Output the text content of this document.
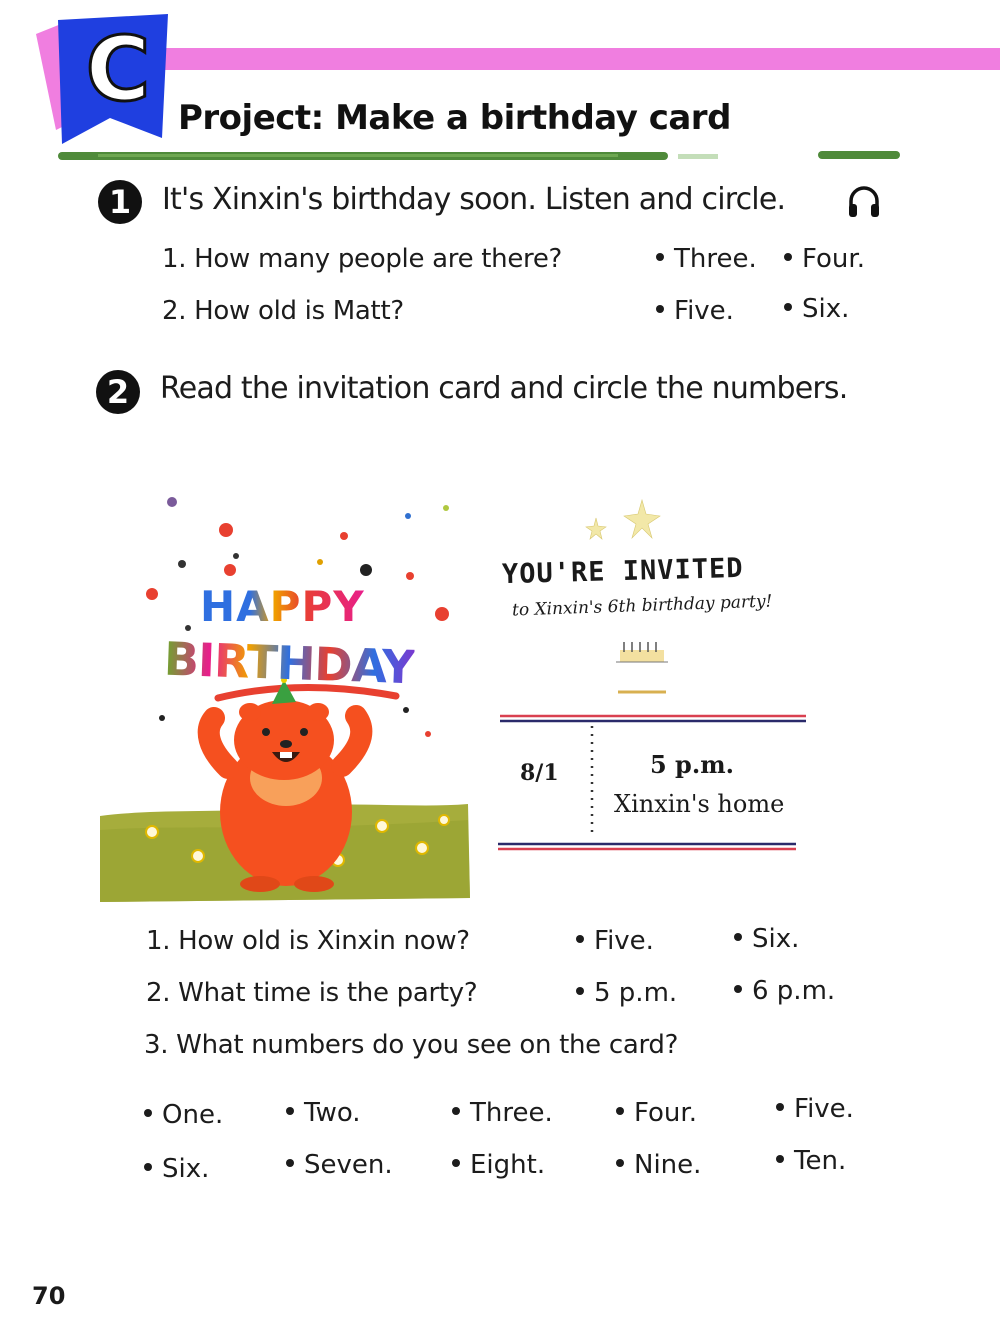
C Project: Make a birthday card
1	It's Xinxin's birthday soon. Listen and circle.
1. How many people are there?	Three.	Four.
2. How old is Matt?	Five.	Six.
2	Read the invitation card and circle the numbers.
HAPPY
BIRTHDAY
YOU'RE INVITED
to Xinxin's 6th birthday party!
8/1	5 p.m.
Xinxin's home
1. How old is Xinxin now?	Five.	Six.
2. What time is the party?	5 p.m.	6 p.m.
3. What numbers do you see on the card?
One.	Two.	Three.	Four.	Five.
Six.	Seven.	Eight.	Nine.	Ten.
70
